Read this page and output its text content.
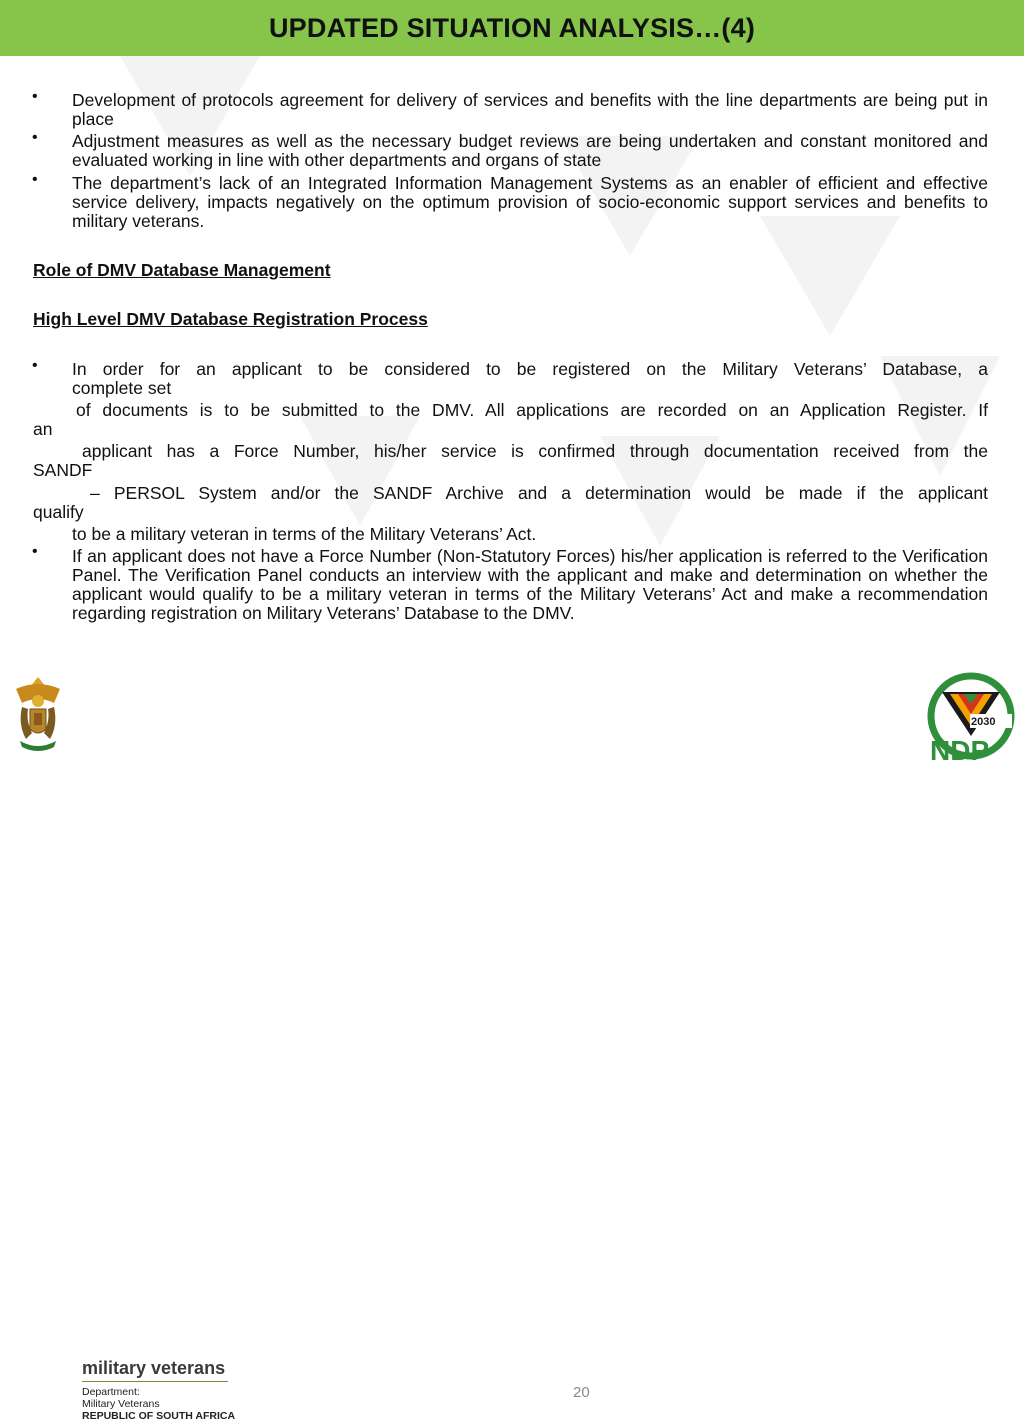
UPDATED SITUATION ANALYSIS…(4)
• Development of protocols agreement for delivery of services and benefits with the line departments are being put in place
• Adjustment measures as well as the necessary budget reviews are being undertaken and constant monitored and evaluated working in line with other departments and organs of state
• The department’s lack of an Integrated Information Management Systems as an enabler of efficient and effective service delivery, impacts negatively on the optimum provision of socio-economic support services and benefits to military veterans.
Role of DMV Database Management
High Level DMV Database Registration Process
• In order for an applicant to be considered to be registered on the Military Veterans’ Database, a
complete set
of documents is to be submitted to the DMV. All applications are recorded on an Application Register. If
an
applicant has a Force Number, his/her service is confirmed through documentation received from the
SANDF
– PERSOL System and/or the SANDF Archive and a determination would be made if the applicant
qualify
to be a military veteran in terms of the Military Veterans’ Act.
• If an applicant does not have a Force Number (Non-Statutory Forces) his/her application is referred to the Verification Panel. The Verification Panel conducts an interview with the applicant and make and determination on whether the applicant would qualify to be a military veteran in terms of the Military Veterans’ Act and make a recommendation regarding registration on Military Veterans’ Database to the DMV.
military veterans
Department:
Military Veterans
REPUBLIC OF SOUTH AFRICA
20
2030
NDP
